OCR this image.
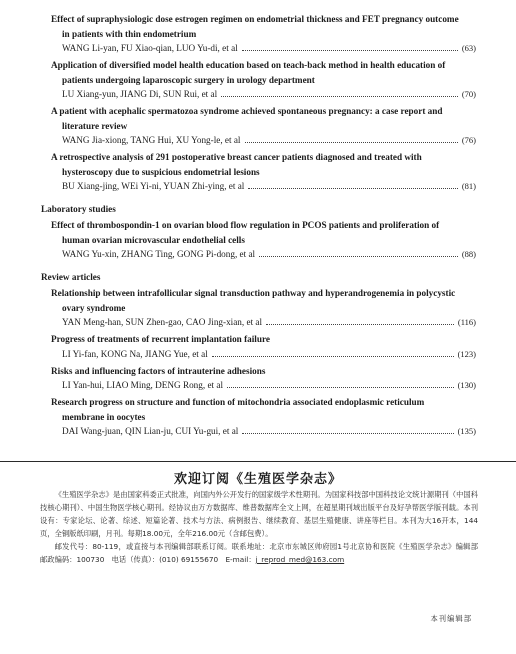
Effect of supraphysiologic dose estrogen regimen on endometrial thickness and FET pregnancy outcome
in patients with thin endometrium
WANG Li-yan, FU Xiao-qian, LUO Yu-di, et al	(63)
Application of diversified model health education based on teach-back method in health education of
patients undergoing laparoscopic surgery in urology department
LU Xiang-yun, JIANG Di, SUN Rui, et al	(70)
A patient with acephalic spermatozoa syndrome achieved spontaneous pregnancy: a case report and
literature review
WANG Jia-xiong, TANG Hui, XU Yong-le, et al	(76)
A retrospective analysis of 291 postoperative breast cancer patients diagnosed and treated with
hysteroscopy due to suspicious endometrial lesions
BU Xiang-jing, WEi Yi-ni, YUAN Zhi-ying, et al	(81)
Laboratory studies
Effect of thrombospondin-1 on ovarian blood flow regulation in PCOS patients and proliferation of
human ovarian microvascular endothelial cells
WANG Yu-xin, ZHANG Ting, GONG Pi-dong, et al	(88)
Review articles
Relationship between intrafollicular signal transduction pathway and hyperandrogenemia in polycystic
ovary syndrome
YAN Meng-han, SUN Zhen-gao, CAO Jing-xian, et al	(116)
Progress of treatments of recurrent implantation failure
LI Yi-fan, KONG Na, JIANG Yue, et al	(123)
Risks and influencing factors of intrauterine adhesions
LI Yan-hui, LIAO Ming, DENG Rong, et al	(130)
Research progress on structure and function of mitochondria associated endoplasmic reticulum
membrane in oocytes
DAI Wang-juan, QIN Lian-ju, CUI Yu-gui, et al	(135)
欢迎订阅《生殖医学杂志》

《生殖医学杂志》是由国家科委正式批准，向国内外公开发行的国家级学术性期刊。为国家科技部中国科技论文统计源期刊（中国科技核心期刊）、中国生物医学核心期刊。经协议由万方数据库、维普数据库全文上网，在超星期刊域出版平台及好孕帮医学版刊载。本刊设有：专家论坛、论著、综述、短篇论著、技术与方法、病例报告、继续教育、基层生殖健康、讲座等栏目。本刊为大16开本，144页，全铜版纸印刷，月刊。每期18.00元，全年216.00元（含邮包费）。

邮发代号：80-119，或直接与本刊编辑部联系订阅。联系地址：北京市东城区帅府园1号北京协和医院《生殖医学杂志》编辑部　邮政编码：100730　电话（传真）：(010) 69155670　E-mail：j_reprod_med@163.com

本刊编辑部
